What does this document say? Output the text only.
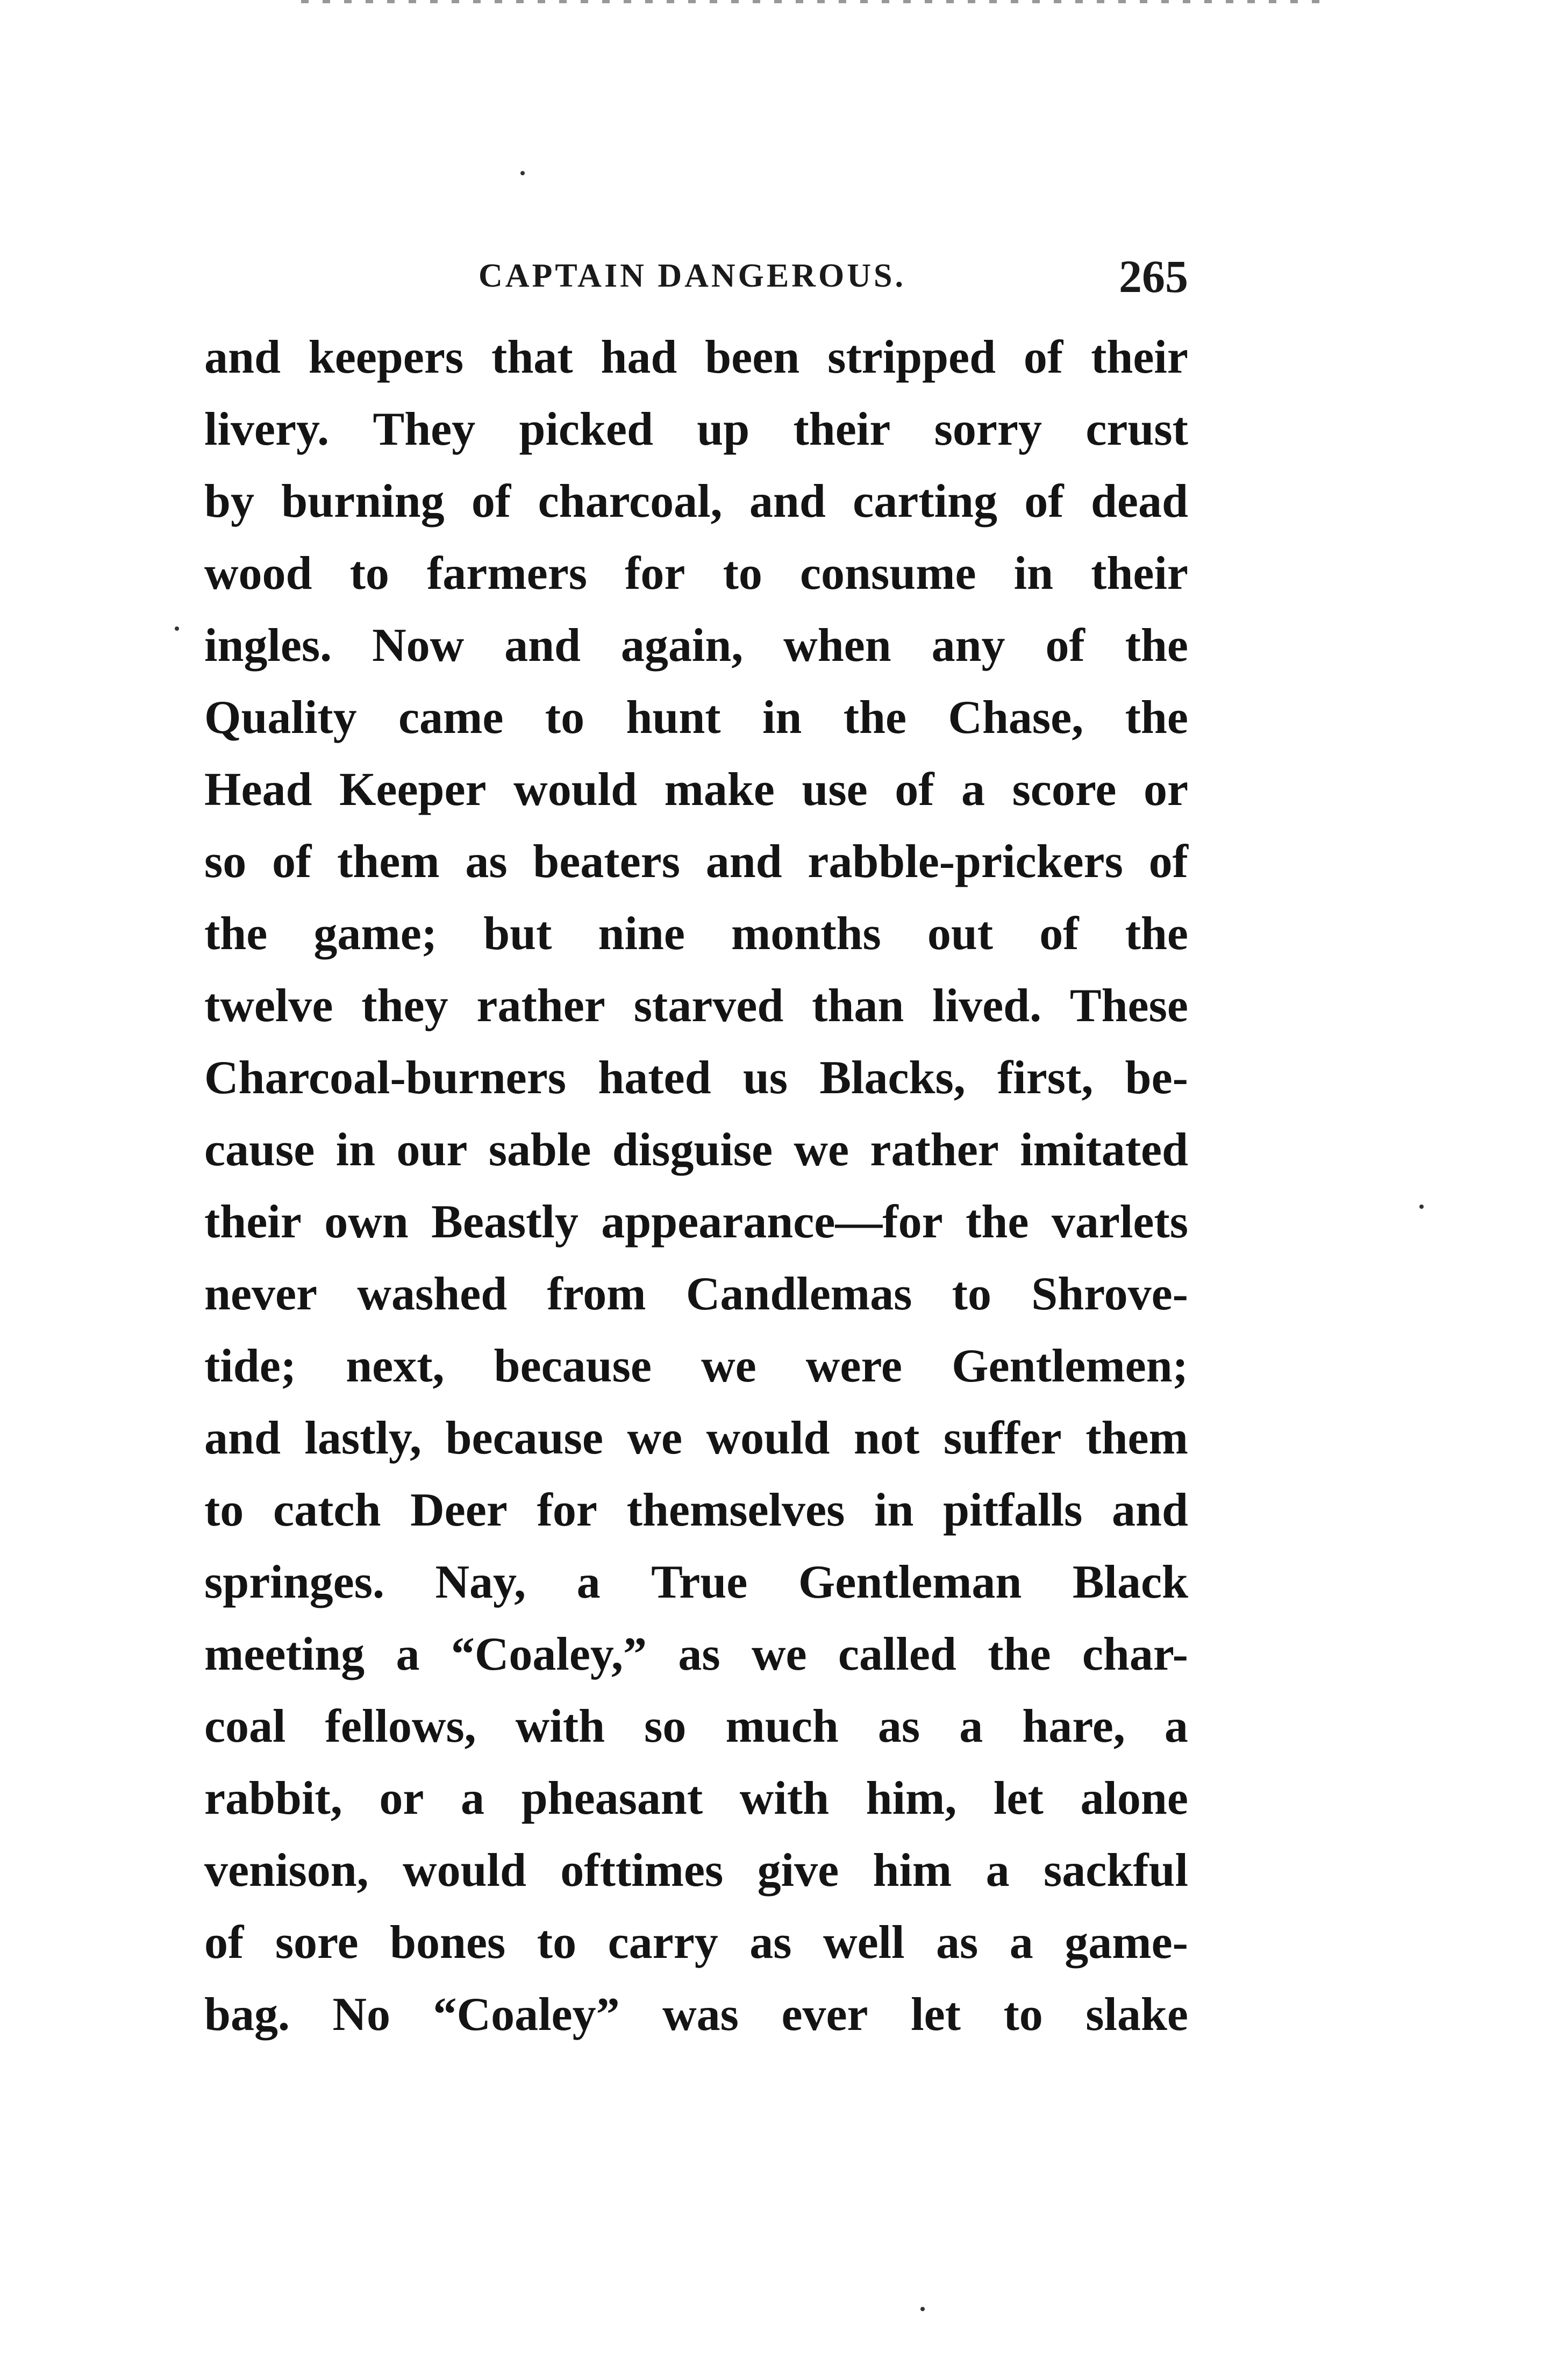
CAPTAIN DANGEROUS.	265
and keepers that had been stripped of their
livery. They picked up their sorry crust
by burning of charcoal, and carting of dead
wood to farmers for to consume in their
ingles. Now and again, when any of the
Quality came to hunt in the Chase, the
Head Keeper would make use of a score or
so of them as beaters and rabble-prickers of
the game; but nine months out of the
twelve they rather starved than lived. These
Charcoal-burners hated us Blacks, first, be-
cause in our sable disguise we rather imitated
their own Beastly appearance—for the varlets
never washed from Candlemas to Shrove-
tide; next, because we were Gentlemen;
and lastly, because we would not suffer them
to catch Deer for themselves in pitfalls and
springes. Nay, a True Gentleman Black
meeting a “Coaley,” as we called the char-
coal fellows, with so much as a hare, a
rabbit, or a pheasant with him, let alone
venison, would ofttimes give him a sackful
of sore bones to carry as well as a game-
bag. No “Coaley” was ever let to slake
